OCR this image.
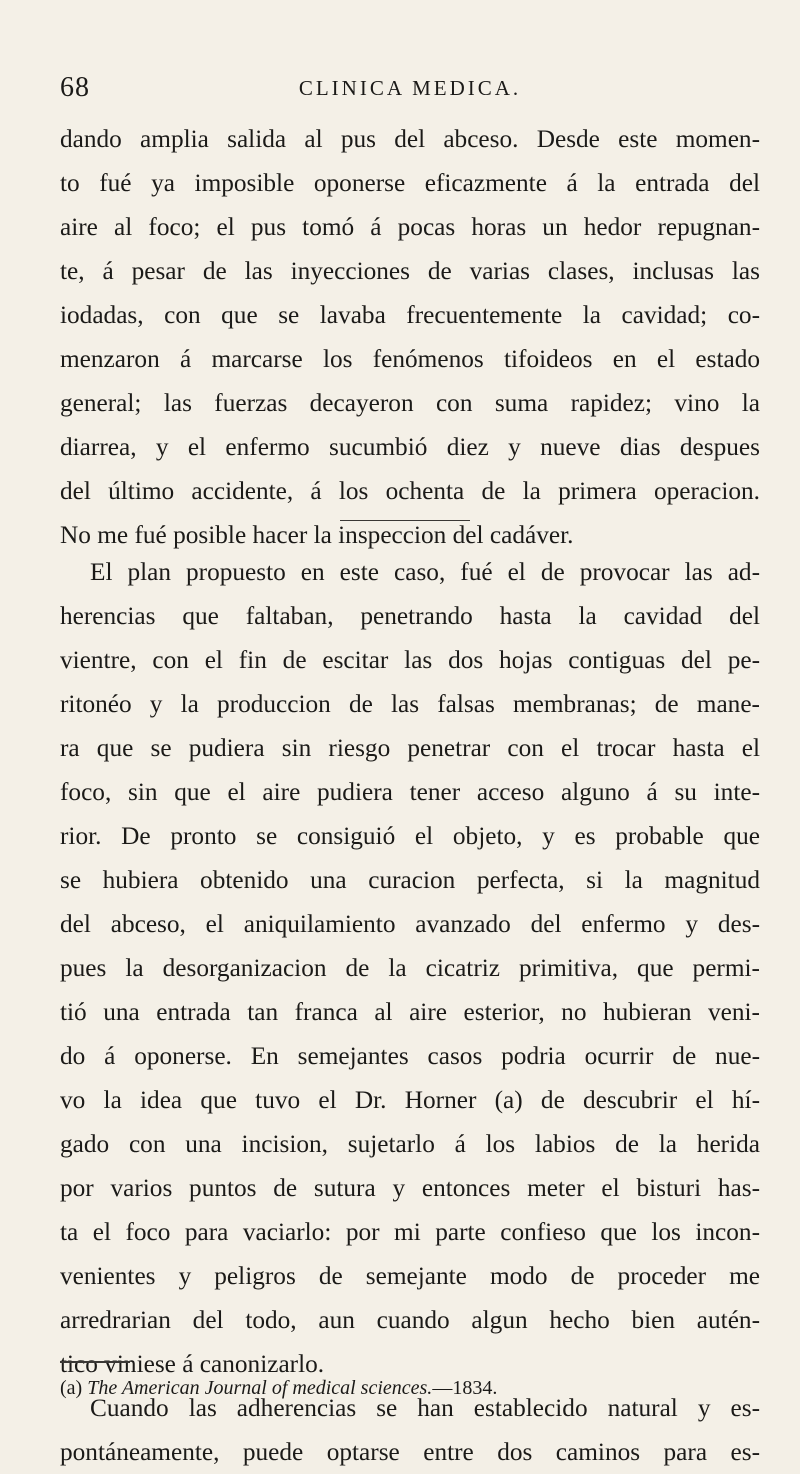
68	CLINICA MEDICA.
dando amplia salida al pus del abceso. Desde este momen-
to fué ya imposible oponerse eficazmente á la entrada del
aire al foco; el pus tomó á pocas horas un hedor repugnan-
te, á pesar de las inyecciones de varias clases, inclusas las
iodadas, con que se lavaba frecuentemente la cavidad; co-
menzaron á marcarse los fenómenos tifoideos en el estado
general; las fuerzas decayeron con suma rapidez; vino la
diarrea, y el enfermo sucumbió diez y nueve dias despues
del último accidente, á los ochenta de la primera operacion.
No me fué posible hacer la inspeccion del cadáver.
El plan propuesto en este caso, fué el de provocar las ad-
herencias que faltaban, penetrando hasta la cavidad del
vientre, con el fin de escitar las dos hojas contiguas del pe-
ritonéo y la produccion de las falsas membranas; de mane-
ra que se pudiera sin riesgo penetrar con el trocar hasta el
foco, sin que el aire pudiera tener acceso alguno á su inte-
rior. De pronto se consiguió el objeto, y es probable que
se hubiera obtenido una curacion perfecta, si la magnitud
del abceso, el aniquilamiento avanzado del enfermo y des-
pues la desorganizacion de la cicatriz primitiva, que permi-
tió una entrada tan franca al aire esterior, no hubieran veni-
do á oponerse. En semejantes casos podria ocurrir de nue-
vo la idea que tuvo el Dr. Horner (a) de descubrir el hí-
gado con una incision, sujetarlo á los labios de la herida
por varios puntos de sutura y entonces meter el bisturi has-
ta el foco para vaciarlo: por mi parte confieso que los incon-
venientes y peligros de semejante modo de proceder me
arredrarian del todo, aun cuando algun hecho bien autén-
tico viniese á canonizarlo.
Cuando las adherencias se han establecido natural y es-
pontáneamente, puede optarse entre dos caminos para es-
(a) The American Journal of medical sciences.—1834.
